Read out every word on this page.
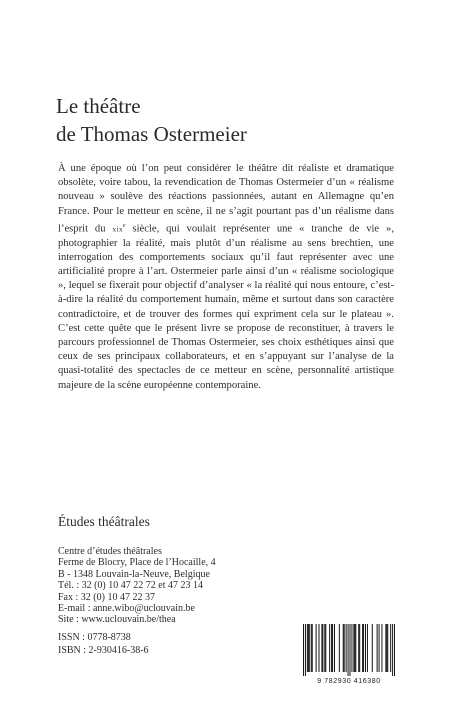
Le théâtre
de Thomas Ostermeier
À une époque où l’on peut considérer le théâtre dit réaliste et dramatique obsolète, voire tabou, la revendication de Thomas Ostermeier d’un « réalisme nouveau » soulève des réactions passionnées, autant en Allemagne qu’en France. Pour le metteur en scène, il ne s’agit pourtant pas d’un réalisme dans l’esprit du xix$^e$ siècle, qui voulait représenter une « tranche de vie », photographier la réalité, mais plutôt d’un réalisme au sens brechtien, une interrogation des comportements sociaux qu’il faut représenter avec une artificialité propre à l’art. Ostermeier parle ainsi d’un « réalisme sociologique », lequel se fixerait pour objectif d’analyser « la réalité qui nous entoure, c’est-à-dire la réalité du comportement humain, même et surtout dans son caractère contradictoire, et de trouver des formes qui expriment cela sur le plateau ». C’est cette quête que le présent livre se propose de reconstituer, à travers le parcours professionnel de Thomas Ostermeier, ses choix esthétiques ainsi que ceux de ses principaux collaborateurs, et en s’appuyant sur l’analyse de la quasi-totalité des spectacles de ce metteur en scène, personnalité artistique majeure de la scène européenne contemporaine.
Études théâtrales
Centre d’études théâtrales
Ferme de Blocry, Place de l’Hocaille, 4
B - 1348 Louvain-la-Neuve, Belgique
Tél. : 32 (0) 10 47 22 72 et 47 23 14
Fax : 32 (0) 10 47 22 37
E-mail : anne.wibo@uclouvain.be
Site : www.uclouvain.be/thea
ISSN : 0778-8738
ISBN : 2-930416-38-6
9 782930 416380
